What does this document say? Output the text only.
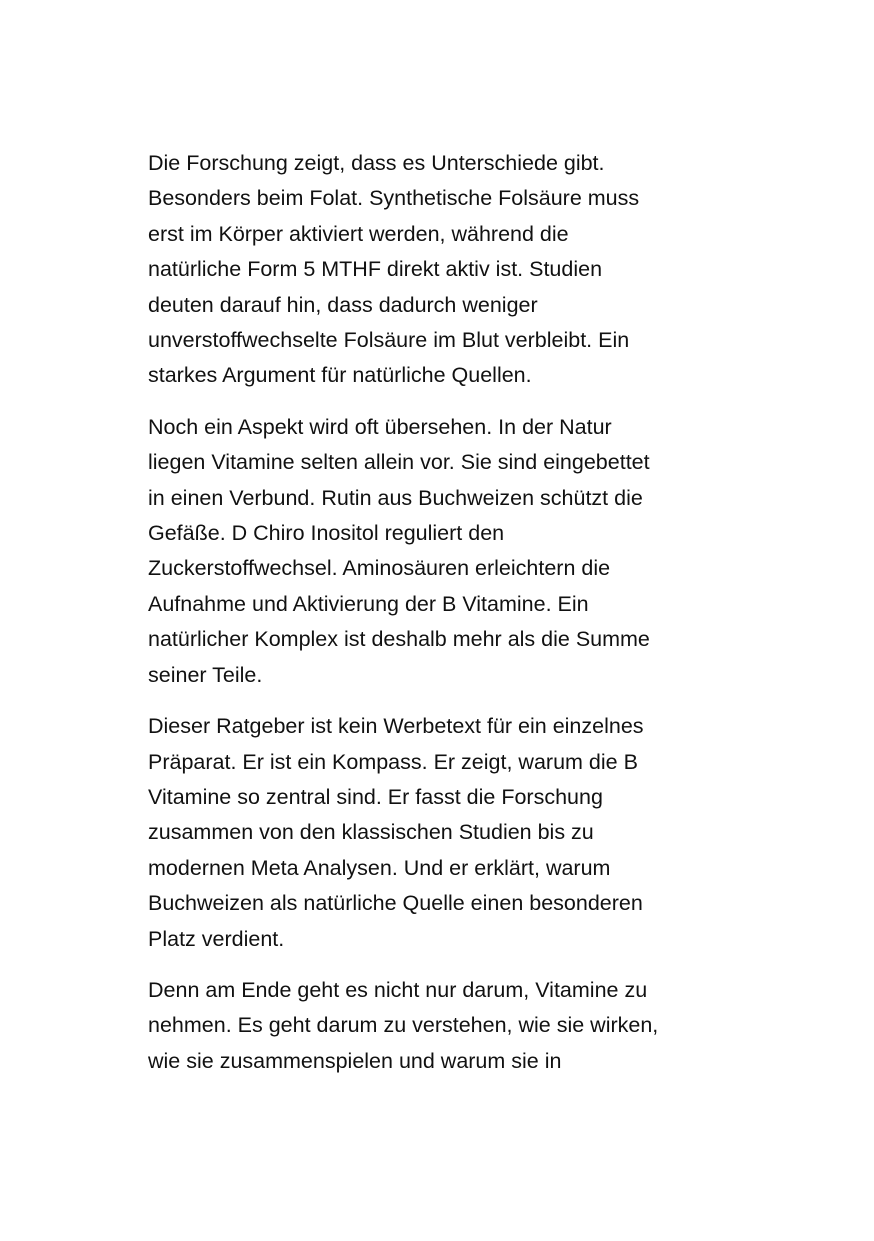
Die Forschung zeigt, dass es Unterschiede gibt.
Besonders beim Folat. Synthetische Folsäure muss
erst im Körper aktiviert werden, während die
natürliche Form 5 MTHF direkt aktiv ist. Studien
deuten darauf hin, dass dadurch weniger
unverstoffwechselte Folsäure im Blut verbleibt. Ein
starkes Argument für natürliche Quellen.

Noch ein Aspekt wird oft übersehen. In der Natur
liegen Vitamine selten allein vor. Sie sind eingebettet
in einen Verbund. Rutin aus Buchweizen schützt die
Gefäße. D Chiro Inositol reguliert den
Zuckerstoffwechsel. Aminosäuren erleichtern die
Aufnahme und Aktivierung der B Vitamine. Ein
natürlicher Komplex ist deshalb mehr als die Summe
seiner Teile.

Dieser Ratgeber ist kein Werbetext für ein einzelnes
Präparat. Er ist ein Kompass. Er zeigt, warum die B
Vitamine so zentral sind. Er fasst die Forschung
zusammen von den klassischen Studien bis zu
modernen Meta Analysen. Und er erklärt, warum
Buchweizen als natürliche Quelle einen besonderen
Platz verdient.

Denn am Ende geht es nicht nur darum, Vitamine zu
nehmen. Es geht darum zu verstehen, wie sie wirken,
wie sie zusammenspielen und warum sie in
